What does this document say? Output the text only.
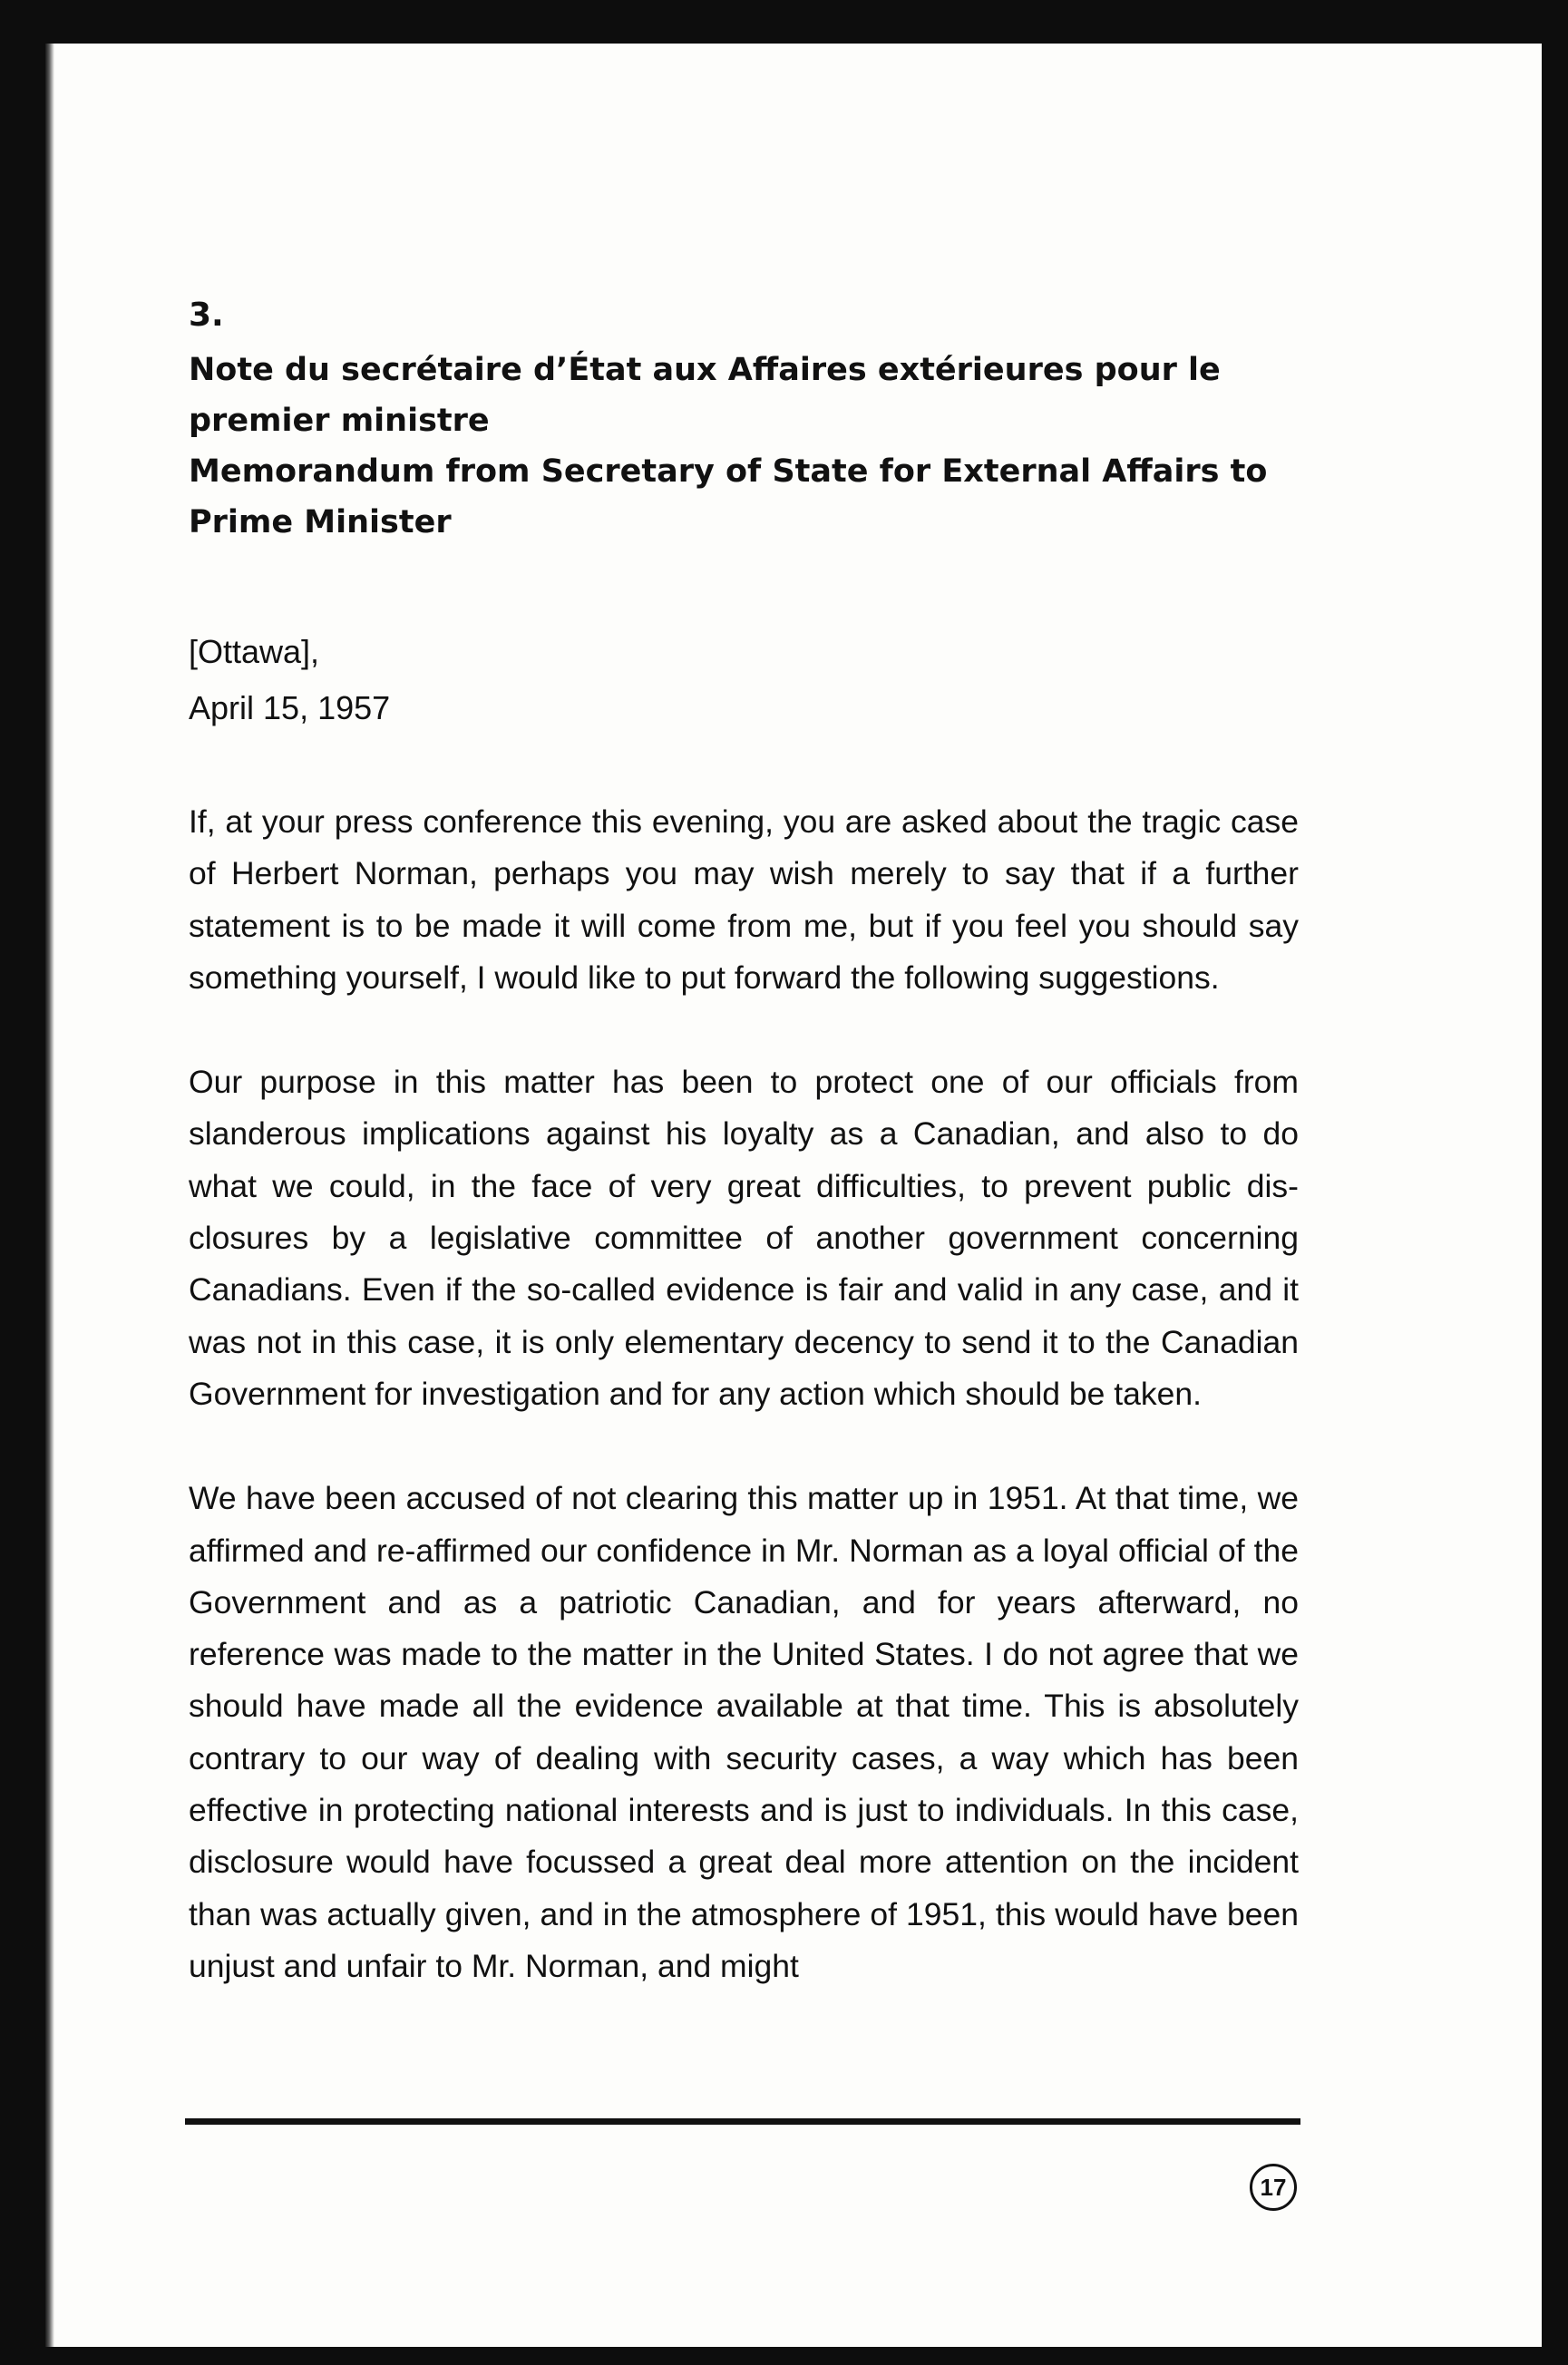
3.
Note du secrétaire d’État aux Affaires extérieures pour le premier ministre
Memorandum from Secretary of State for External Affairs to Prime Minister
[Ottawa],
April 15, 1957

If, at your press conference this evening, you are asked about the tragic case of Herbert Norman, perhaps you may wish merely to say that if a further statement is to be made it will come from me, but if you feel you should say something yourself, I would like to put forward the following suggestions.

Our purpose in this matter has been to protect one of our officials from slanderous implications against his loyalty as a Canadian, and also to do what we could, in the face of very great difficulties, to prevent public disclosures by a legislative committee of another government concerning Canadians. Even if the so-called evidence is fair and valid in any case, and it was not in this case, it is only elementary decency to send it to the Canadian Government for investigation and for any action which should be taken.

We have been accused of not clearing this matter up in 1951. At that time, we affirmed and re-affirmed our confidence in Mr. Norman as a loyal official of the Government and as a patriotic Canadian, and for years afterward, no reference was made to the matter in the United States. I do not agree that we should have made all the evidence available at that time. This is absolutely contrary to our way of dealing with security cases, a way which has been effective in protecting national interests and is just to individuals. In this case, disclosure would have focussed a great deal more attention on the incident than was actually given, and in the atmosphere of 1951, this would have been unjust and unfair to Mr. Norman, and might

17
